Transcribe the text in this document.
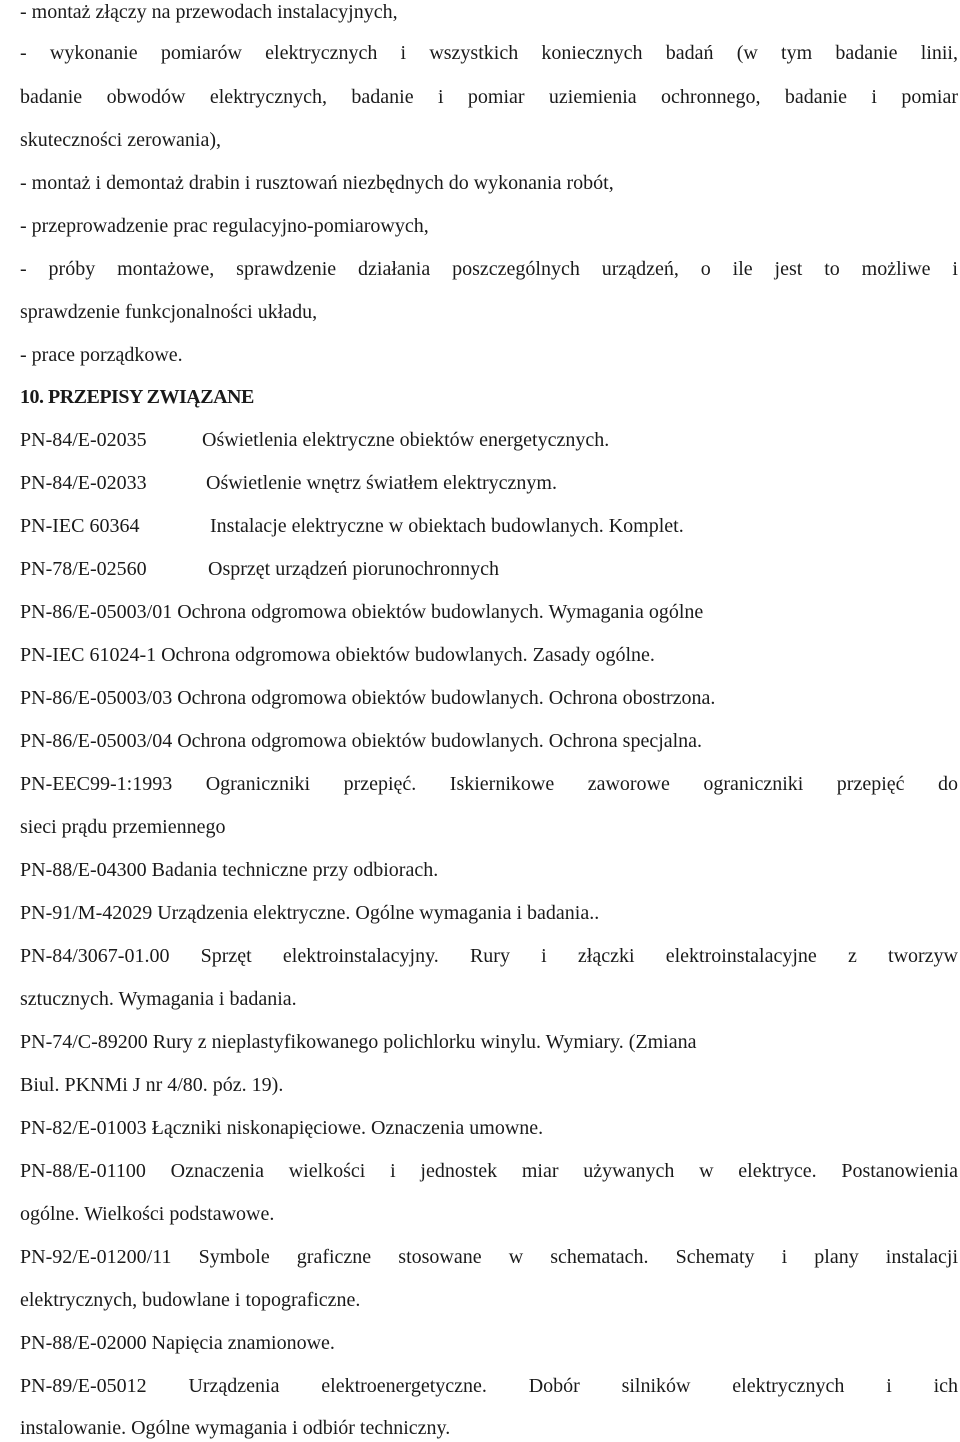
- montaż złączy na przewodach instalacyjnych,
- wykonanie pomiarów elektrycznych i wszystkich koniecznych badań (w tym badanie linii,
badanie obwodów elektrycznych, badanie i pomiar uziemienia ochronnego, badanie i pomiar
skuteczności zerowania),
- montaż i demontaż drabin i rusztowań niezbędnych do wykonania robót,
- przeprowadzenie prac regulacyjno-pomiarowych,
- próby montażowe, sprawdzenie działania poszczególnych urządzeń, o ile jest to możliwe i
sprawdzenie funkcjonalności układu,
- prace porządkowe.
10. PRZEPISY ZWIĄZANE
PN-84/E-02035	Oświetlenia elektryczne obiektów energetycznych.
PN-84/E-02033	Oświetlenie wnętrz światłem elektrycznym.
PN-IEC 60364	Instalacje elektryczne w obiektach budowlanych. Komplet.
PN-78/E-02560	Osprzęt urządzeń piorunochronnych
PN-86/E-05003/01 Ochrona odgromowa obiektów budowlanych. Wymagania ogólne
PN-IEC 61024-1 Ochrona odgromowa obiektów budowlanych. Zasady ogólne.
PN-86/E-05003/03 Ochrona odgromowa obiektów budowlanych. Ochrona obostrzona.
PN-86/E-05003/04 Ochrona odgromowa obiektów budowlanych. Ochrona specjalna.
PN-EEC99-1:1993 Ograniczniki przepięć. Iskiernikowe zaworowe ograniczniki przepięć do
sieci prądu przemiennego
PN-88/E-04300 Badania techniczne przy odbiorach.
PN-91/M-42029 Urządzenia elektryczne. Ogólne wymagania i badania..
PN-84/3067-01.00 Sprzęt elektroinstalacyjny. Rury i złączki elektroinstalacyjne z tworzyw
sztucznych. Wymagania i badania.
PN-74/C-89200 Rury z nieplastyfikowanego polichlorku winylu. Wymiary. (Zmiana
Biul. PKNMi J nr 4/80. póz. 19).
PN-82/E-01003 Łączniki niskonapięciowe. Oznaczenia umowne.
PN-88/E-01100 Oznaczenia wielkości i jednostek miar używanych w elektryce. Postanowienia
ogólne. Wielkości podstawowe.
PN-92/E-01200/11 Symbole graficzne stosowane w schematach. Schematy i plany instalacji
elektrycznych, budowlane i topograficzne.
PN-88/E-02000 Napięcia znamionowe.
PN-89/E-05012 Urządzenia elektroenergetyczne. Dobór silników elektrycznych i ich
instalowanie. Ogólne wymagania i odbiór techniczny.
